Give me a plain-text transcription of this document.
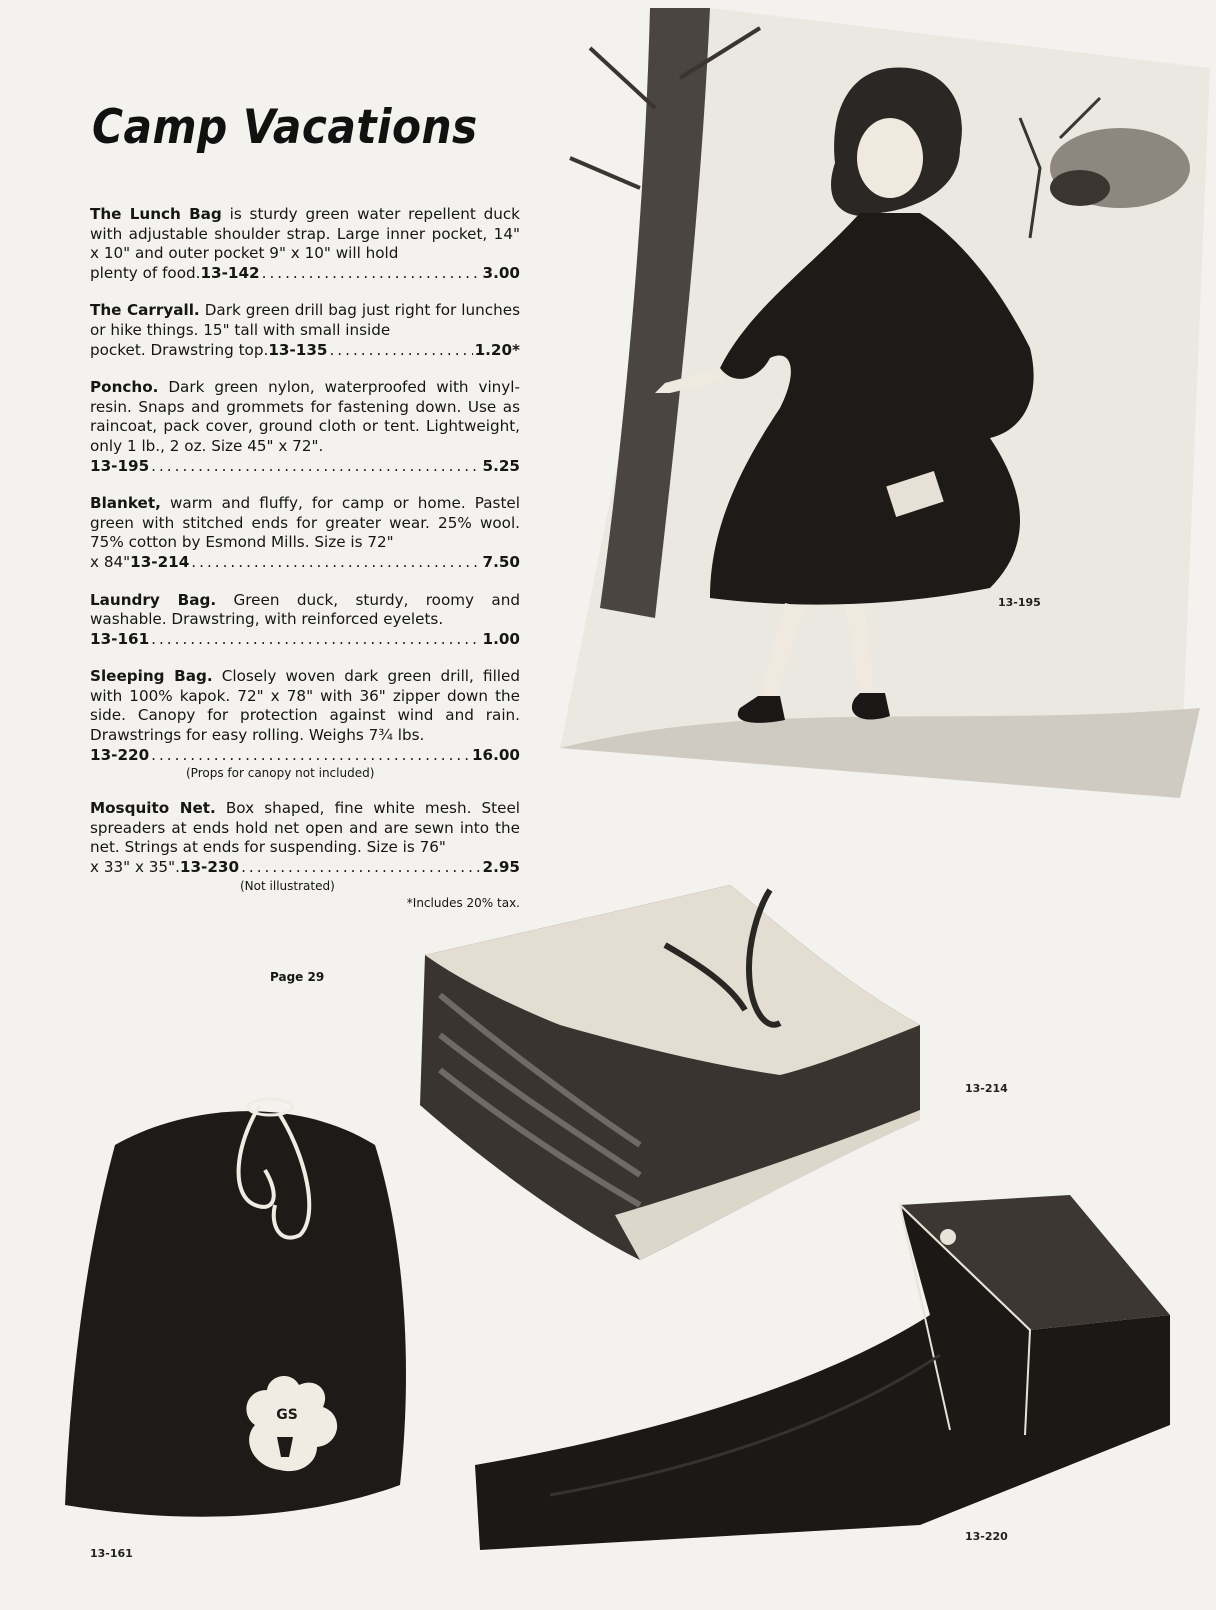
Camp Vacations
The Lunch Bag is sturdy green water repellent duck with adjustable shoulder strap. Large inner pocket, 14" x 10" and outer pocket 9" x 10" will hold
plenty of food. 13-142 .....	3.00
The Carryall. Dark green drill bag just right for lunches or hike things. 15" tall with small inside
pocket. Drawstring top. 13-135 .....	1.20*
Poncho. Dark green nylon, waterproofed with vinyl-resin. Snaps and grommets for fastening down. Use as raincoat, pack cover, ground cloth or tent. Lightweight, only 1 lb., 2 oz. Size 45" x 72".
13-195 .....	5.25
Blanket, warm and fluffy, for camp or home. Pastel green with stitched ends for greater wear. 25% wool. 75% cotton by Esmond Mills. Size is 72"
x 84" 13-214 .....	7.50
Laundry Bag. Green duck, sturdy, roomy and washable. Drawstring, with reinforced eyelets.
13-161 .....	1.00
Sleeping Bag. Closely woven dark green drill, filled with 100% kapok. 72" x 78" with 36" zipper down the side. Canopy for protection against wind and rain. Drawstrings for easy rolling. Weighs 7¾ lbs.
13-220 .....	16.00
(Props for canopy not included)
Mosquito Net. Box shaped, fine white mesh. Steel spreaders at ends hold net open and are sewn into the net. Strings at ends for suspending. Size is 76"
x 33" x 35". 13-230 .....	2.95
(Not illustrated)
*Includes 20% tax.
Page 29
13-195
13-214
GS
13-161
13-220
